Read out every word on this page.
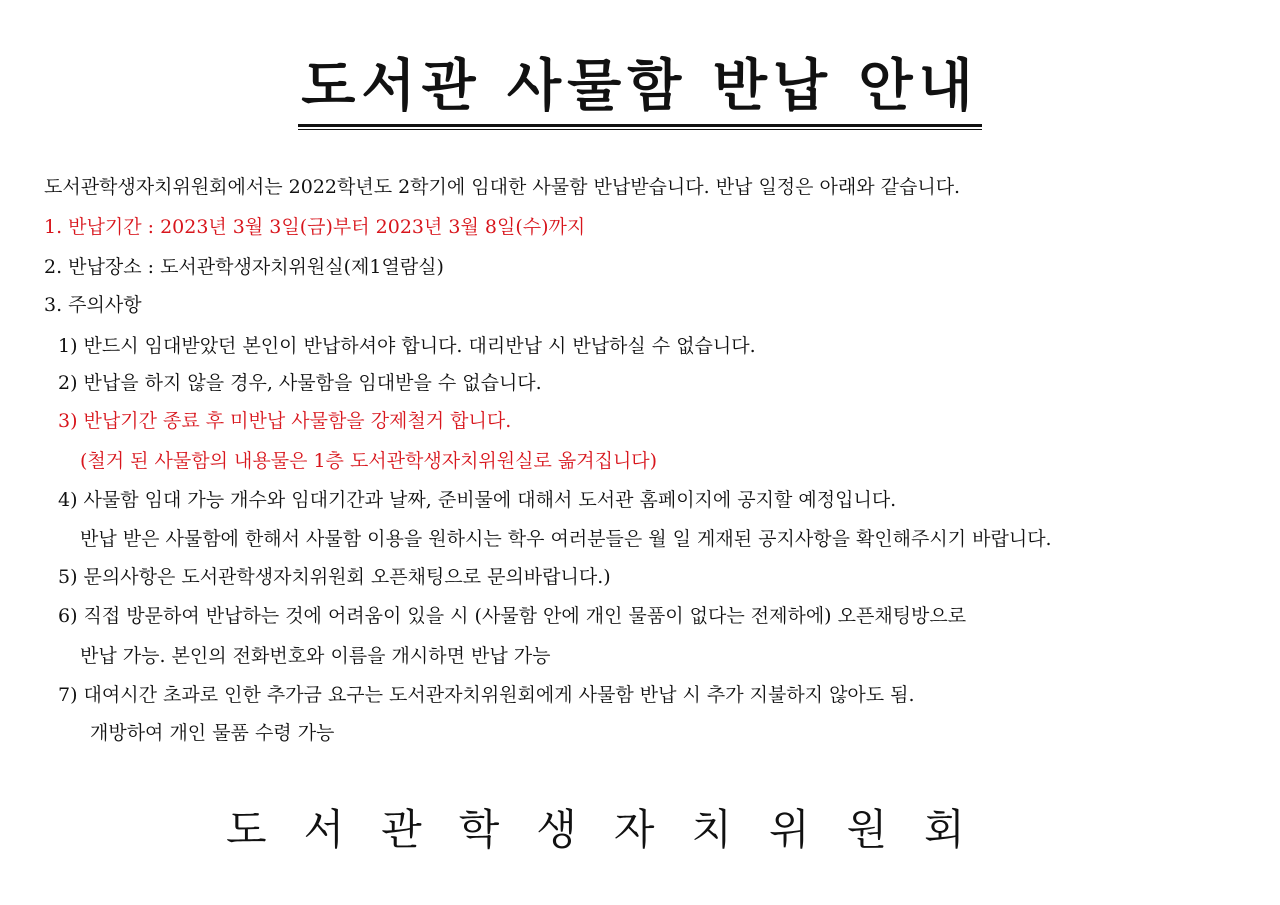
도서관 사물함 반납 안내
도서관학생자치위원회에서는 2022학년도 2학기에 임대한 사물함 반납받습니다. 반납 일정은 아래와 같습니다.
1. 반납기간 : 2023년 3월 3일(금)부터 2023년 3월 8일(수)까지
2. 반납장소 : 도서관학생자치위원실(제1열람실)
3. 주의사항
1) 반드시 임대받았던 본인이 반납하셔야 합니다. 대리반납 시 반납하실 수 없습니다.
2) 반납을 하지 않을 경우, 사물함을 임대받을 수 없습니다.
3) 반납기간 종료 후 미반납 사물함을 강제철거 합니다.
(철거 된 사물함의 내용물은 1층 도서관학생자치위원실로 옮겨집니다)
4) 사물함 임대 가능 개수와 임대기간과 날짜, 준비물에 대해서 도서관 홈페이지에 공지할 예정입니다.
반납 받은 사물함에 한해서 사물함 이용을 원하시는 학우 여러분들은 월 일 게재된 공지사항을 확인해주시기 바랍니다.
5) 문의사항은 도서관학생자치위원회 오픈채팅으로 문의바랍니다.)
6) 직접 방문하여 반납하는 것에 어려움이 있을 시 (사물함 안에 개인 물품이 없다는 전제하에) 오픈채팅방으로
반납 가능. 본인의 전화번호와 이름을 개시하면 반납 가능
7) 대여시간 초과로 인한 추가금 요구는 도서관자치위원회에게 사물함 반납 시 추가 지불하지 않아도 됨.
개방하여 개인 물품 수령 가능
도서관학생자치위원회
